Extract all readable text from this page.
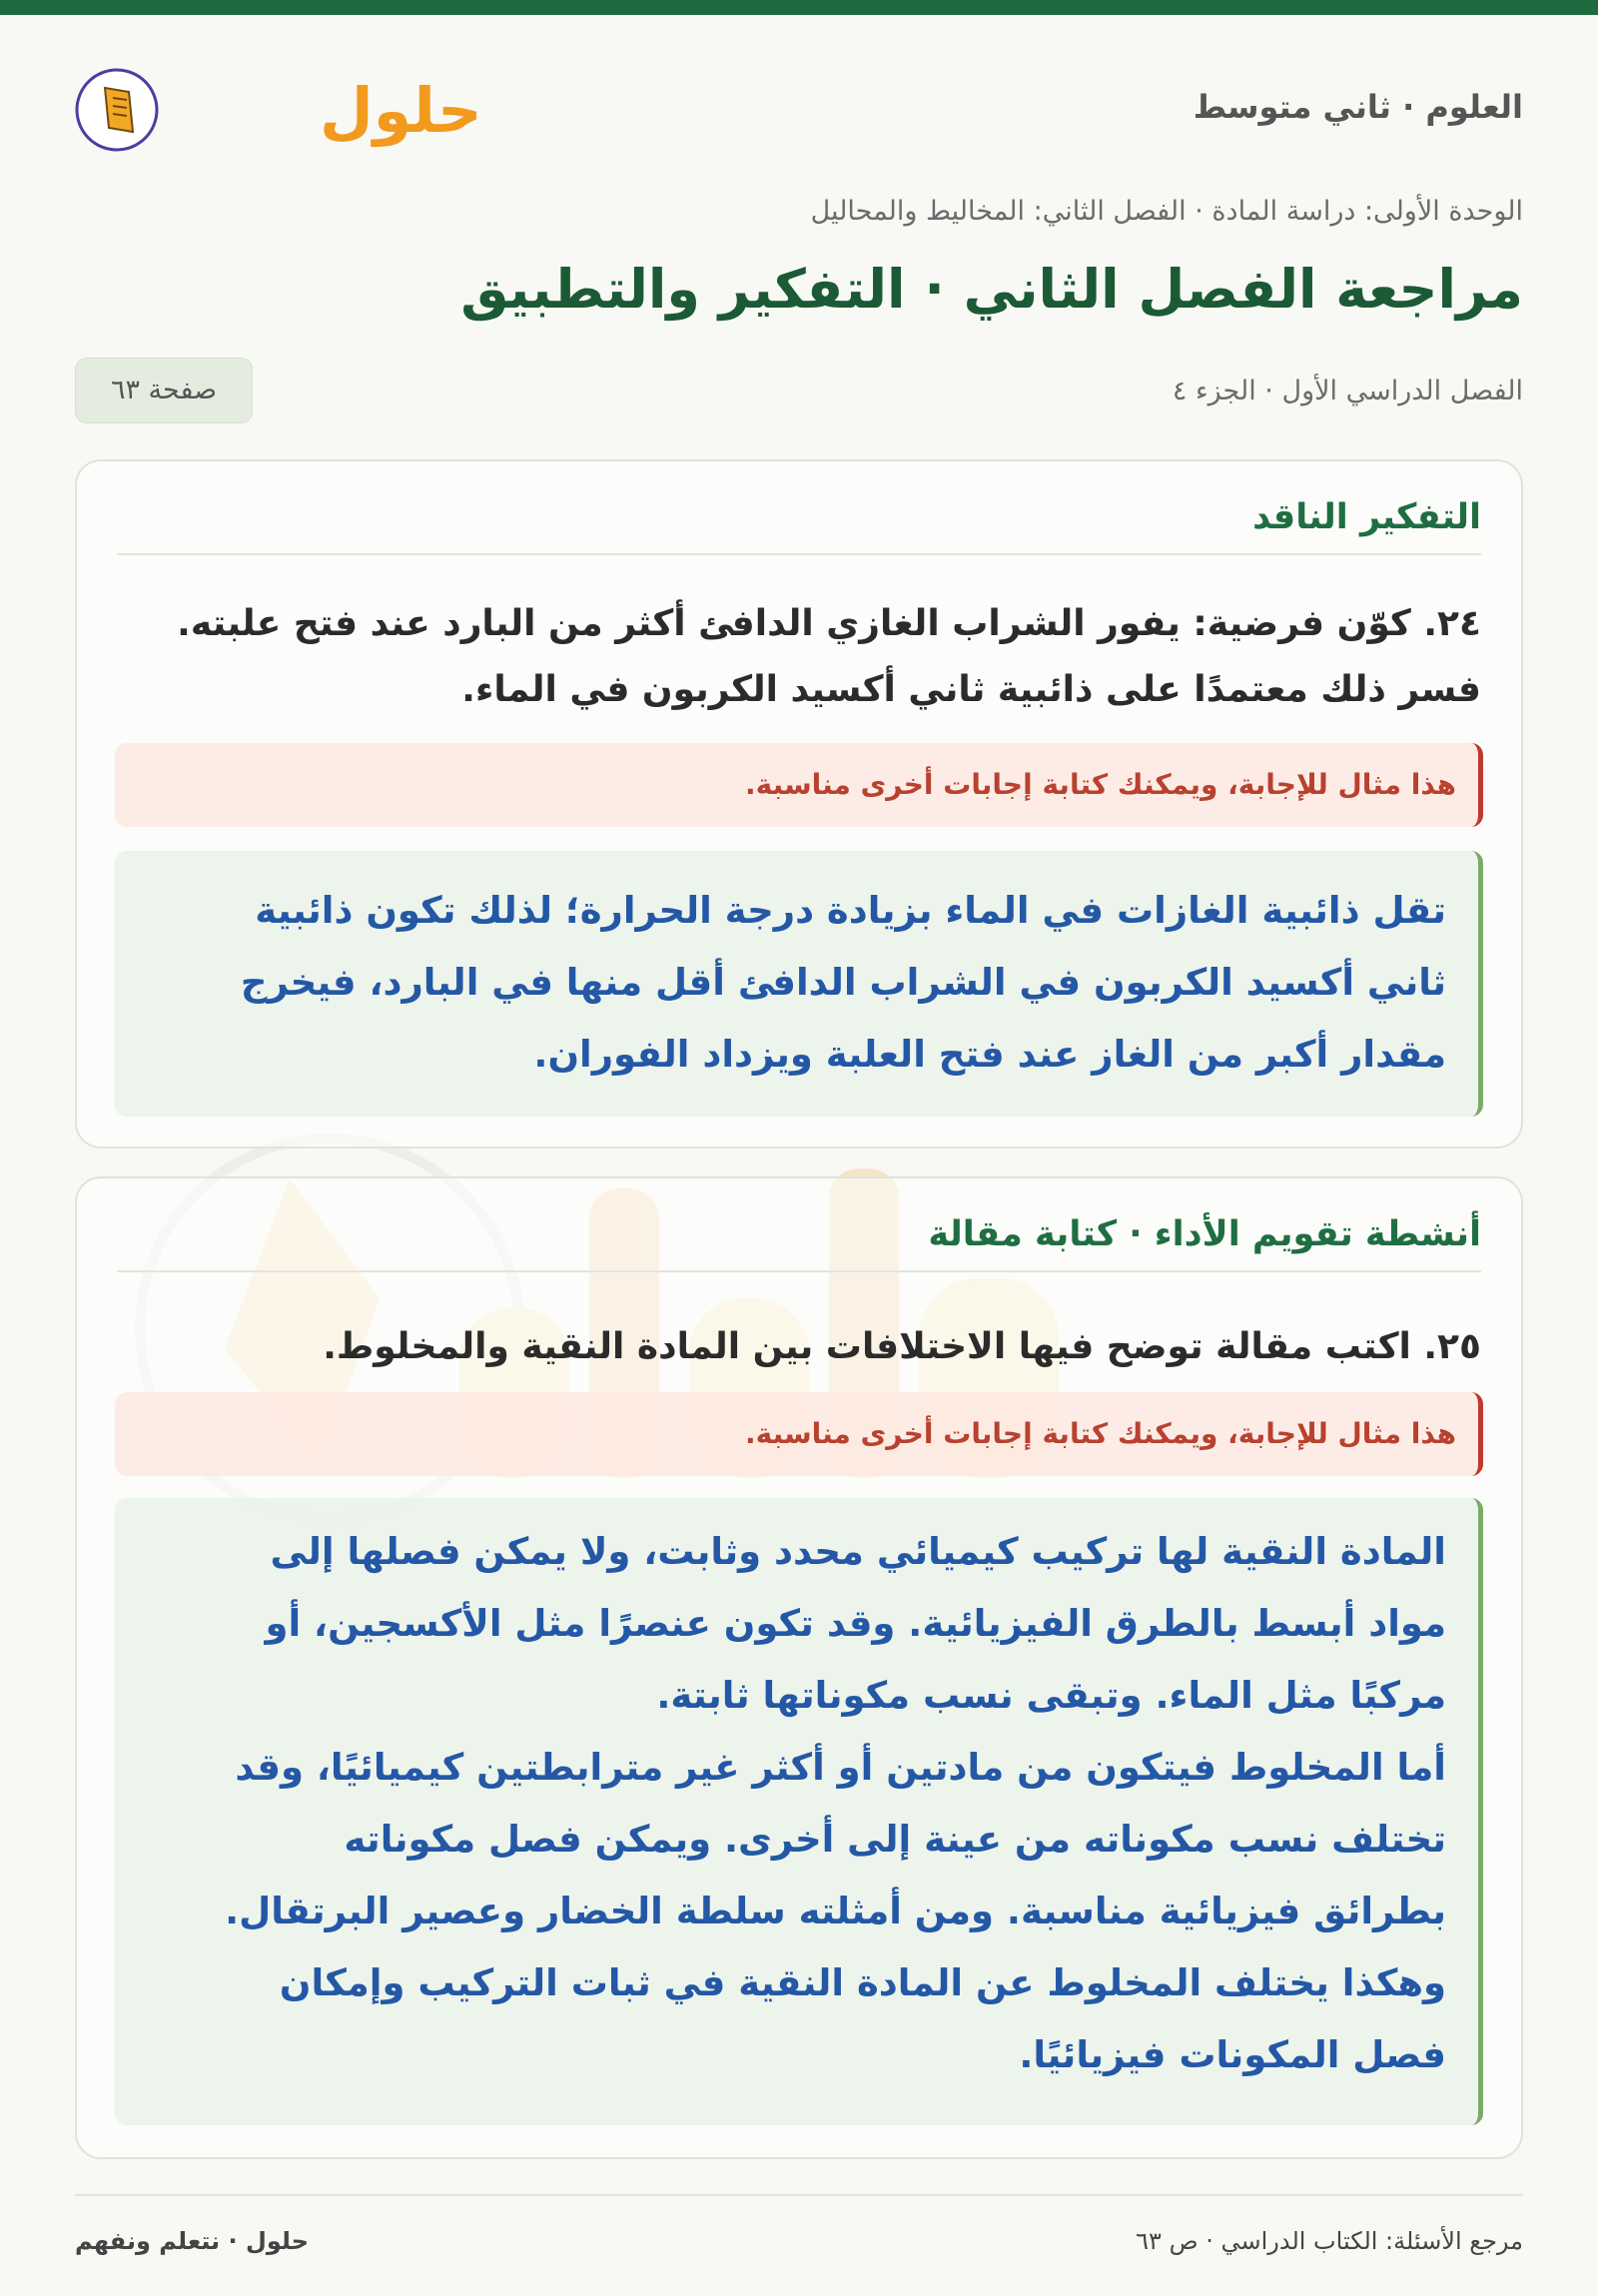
العلوم · ثاني متوسط
حلول
الوحدة الأولى: دراسة المادة · الفصل الثاني: المخاليط والمحاليل
مراجعة الفصل الثاني · التفكير والتطبيق
الفصل الدراسي الأول · الجزء ٤
صفحة ٦٣
التفكير الناقد
٢٤. كوّن فرضية: يفور الشراب الغازي الدافئ أكثر من البارد عند فتح علبته.
فسر ذلك معتمدًا على ذائبية ثاني أكسيد الكربون في الماء.
هذا مثال للإجابة، ويمكنك كتابة إجابات أخرى مناسبة.
تقل ذائبية الغازات في الماء بزيادة درجة الحرارة؛ لذلك تكون ذائبية
ثاني أكسيد الكربون في الشراب الدافئ أقل منها في البارد، فيخرج
مقدار أكبر من الغاز عند فتح العلبة ويزداد الفوران.
أنشطة تقويم الأداء · كتابة مقالة
٢٥. اكتب مقالة توضح فيها الاختلافات بين المادة النقية والمخلوط.
هذا مثال للإجابة، ويمكنك كتابة إجابات أخرى مناسبة.
المادة النقية لها تركيب كيميائي محدد وثابت، ولا يمكن فصلها إلى
مواد أبسط بالطرق الفيزيائية. وقد تكون عنصرًا مثل الأكسجين، أو
مركبًا مثل الماء. وتبقى نسب مكوناتها ثابتة.
أما المخلوط فيتكون من مادتين أو أكثر غير مترابطتين كيميائيًا، وقد
تختلف نسب مكوناته من عينة إلى أخرى. ويمكن فصل مكوناته
بطرائق فيزيائية مناسبة. ومن أمثلته سلطة الخضار وعصير البرتقال.
وهكذا يختلف المخلوط عن المادة النقية في ثبات التركيب وإمكان
فصل المكونات فيزيائيًا.
حلول · نتعلم ونفهم	مرجع الأسئلة: الكتاب الدراسي · ص ٦٣
